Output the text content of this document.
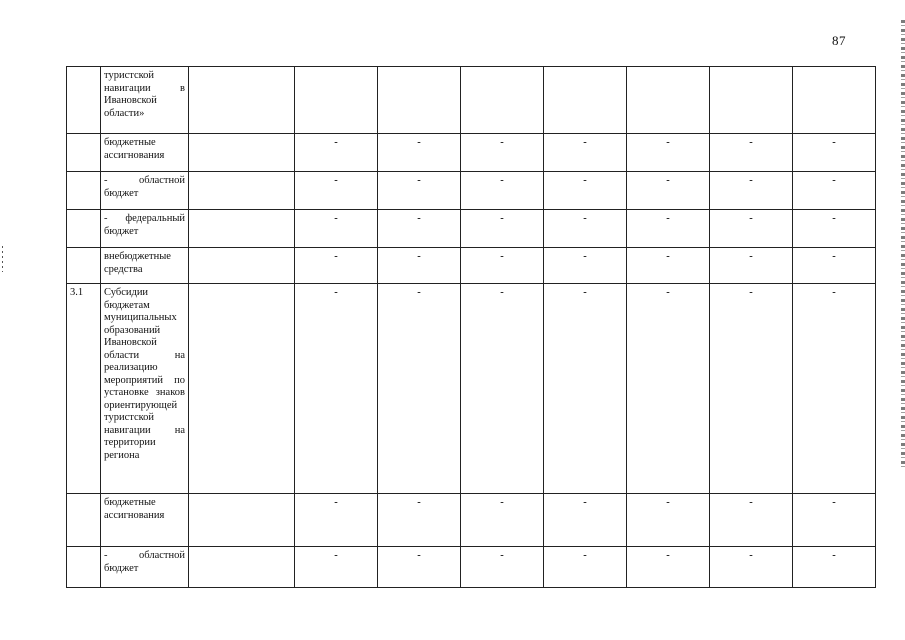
87
	туристской навигации в Ивановской области»								
	бюджетные ассигнования		-	-	-	-	-	-	-
	- областной бюджет		-	-	-	-	-	-	-
	- федеральный бюджет		-	-	-	-	-	-	-
	внебюджетные средства		-	-	-	-	-	-	-
3.1	Субсидии бюджетам муниципальных образований Ивановской области на реализацию мероприятий по установке знаков ориентирующей туристской навигации на территории региона		-	-	-	-	-	-	-
	бюджетные ассигнования		-	-	-	-	-	-	-
	- областной бюджет		-	-	-	-	-	-	-
